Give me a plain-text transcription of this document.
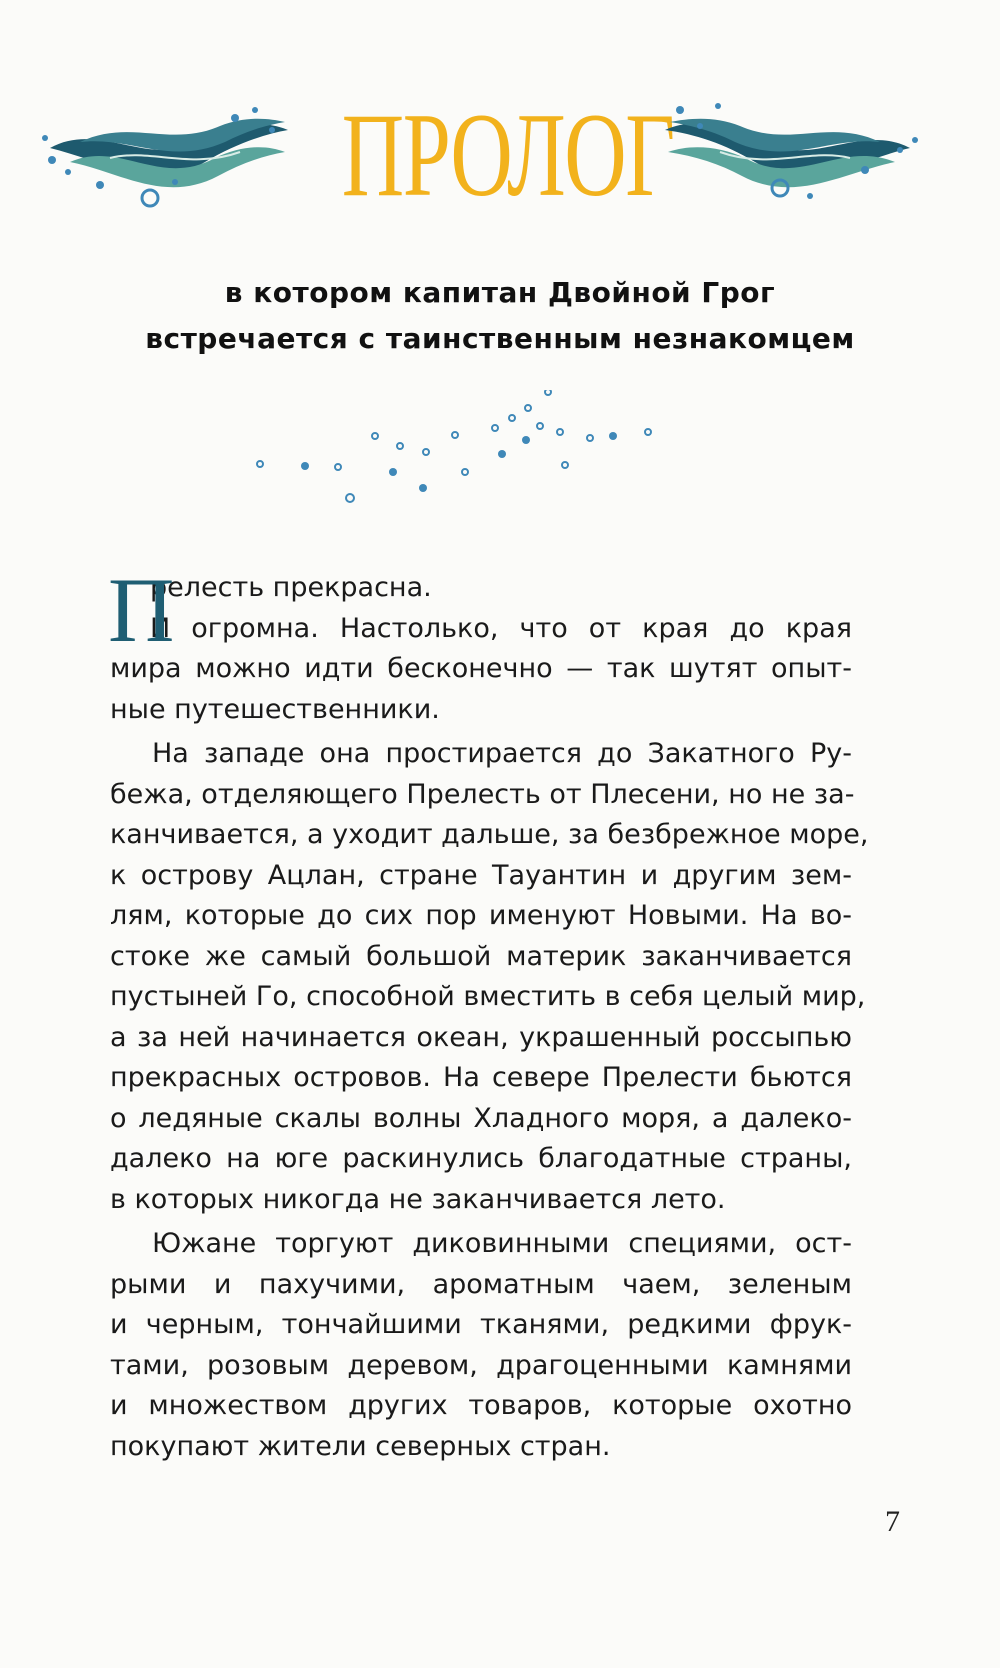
ПРОЛОГ
в котором капитан Двойной Грог
встречается с таинственным незнакомцем

П
релесть прекрасна.
И огромна. Настолько, что от края до края
мира можно идти бесконечно — так шутят опыт-
ные путешественники.

На западе она простирается до Закатного Ру-
бежа, отделяющего Прелесть от Плесени, но не за-
канчивается, а уходит дальше, за безбрежное море,
к острову Ацлан, стране Тауантин и другим зем-
лям, которые до сих пор именуют Новыми. На во-
стоке же самый большой материк заканчивается
пустыней Го, способной вместить в себя целый мир,
а за ней начинается океан, украшенный россыпью
прекрасных островов. На севере Прелести бьются
о ледяные скалы волны Хладного моря, а далеко-
далеко на юге раскинулись благодатные страны,
в которых никогда не заканчивается лето.

Южане торгуют диковинными специями, ост-
рыми и пахучими, ароматным чаем, зеленым
и черным, тончайшими тканями, редкими фрук-
тами, розовым деревом, драгоценными камнями
и множеством других товаров, которые охотно
покупают жители северных стран.

7
